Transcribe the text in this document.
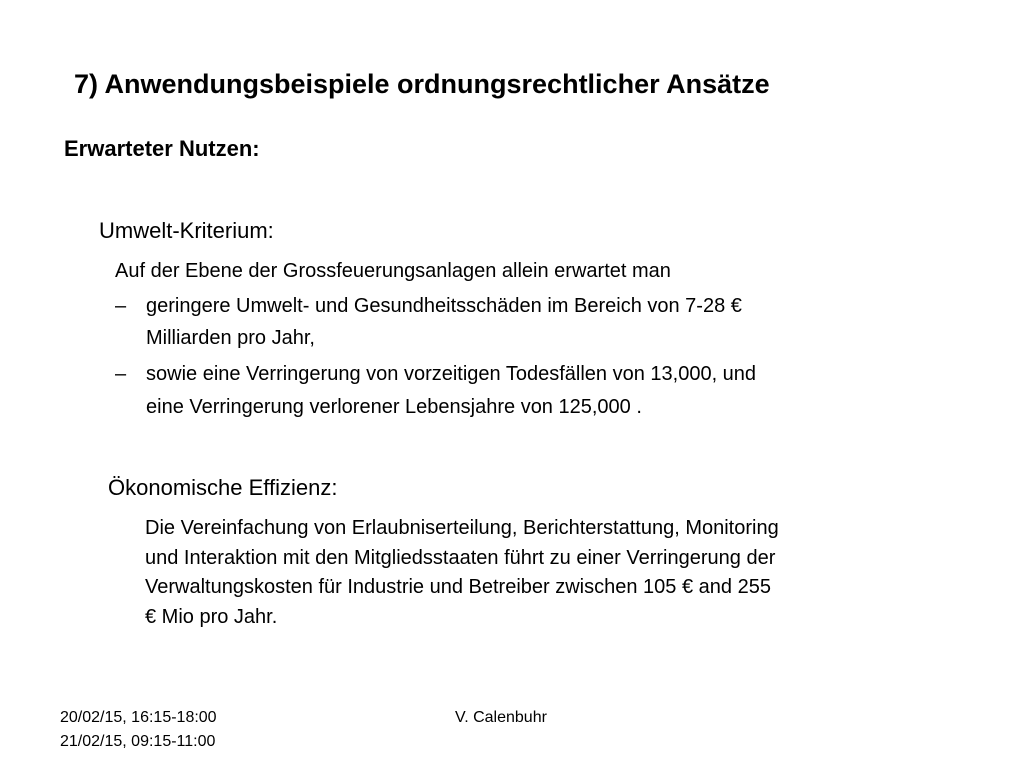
7) Anwendungsbeispiele ordnungsrechtlicher Ansätze
Erwarteter Nutzen:
Umwelt-Kriterium:

Auf der Ebene der Grossfeuerungsanlagen allein erwartet man

– geringere Umwelt- und Gesundheitsschäden im Bereich von 7-28 €
Milliarden pro Jahr,
– sowie eine Verringerung von vorzeitigen Todesfällen von 13,000, und
eine Verringerung verlorener Lebensjahre von 125,000 .
Ökonomische Effizienz:

Die Vereinfachung von Erlaubniserteilung, Berichterstattung, Monitoring
und Interaktion mit den Mitgliedsstaaten führt zu einer Verringerung der
Verwaltungskosten für Industrie und Betreiber zwischen 105 € and 255
€ Mio pro Jahr.

20/02/15, 16:15-18:00
21/02/15, 09:15-11:00

V. Calenbuhr
